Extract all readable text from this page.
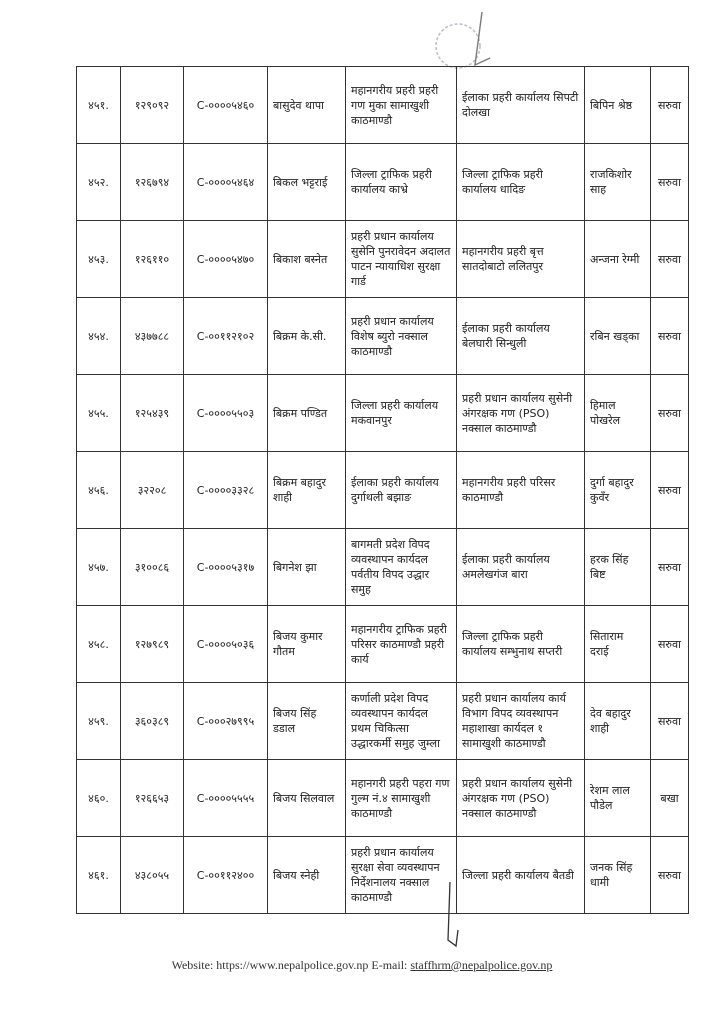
४५१.	१२९०९२	C-००००५४६०	बासुदेव थापा	महानगरीय प्रहरी प्रहरी गण मुका सामाखुशी काठमाण्डौ	ईलाका प्रहरी कार्यालय सिपटी दोलखा	बिपिन श्रेष्ठ	सरुवा
४५२.	१२६७९४	C-००००५४६४	बिकल भट्टराई	जिल्ला ट्राफिक प्रहरी कार्यालय काभ्रे	जिल्ला ट्राफिक प्रहरी कार्यालय धादिङ	राजकिशोर साह	सरुवा
४५३.	१२६११०	C-००००५४७०	बिकाश बस्नेत	प्रहरी प्रधान कार्यालय सुसेनि पुनरावेदन अदालत पाटन न्यायाधिश सुरक्षा गार्ड	महानगरीय प्रहरी बृत्त सातदोबाटो ललितपुर	अन्जना रेग्मी	सरुवा
४५४.	४३७७८८	C-००११२१०२	बिक्रम के.सी.	प्रहरी प्रधान कार्यालय विशेष ब्युरो नक्साल काठमाण्डौ	ईलाका प्रहरी कार्यालय बेलघारी सिन्धुली	रबिन खड्का	सरुवा
४५५.	१२५४३९	C-००००५५०३	बिक्रम पण्डित	जिल्ला प्रहरी कार्यालय मकवानपुर	प्रहरी प्रधान कार्यालय सुसेनी अंगरक्षक गण (PSO) नक्साल काठमाण्डौ	हिमाल पोखरेल	सरुवा
४५६.	३२२०८	C-००००३३२८	बिक्रम बहादुर शाही	ईलाका प्रहरी कार्यालय दुर्गाथली बझाङ	महानगरीय प्रहरी परिसर काठमाण्डौ	दुर्गा बहादुर कुवँर	सरुवा
४५७.	३१००८६	C-००००५३१७	बिगनेश झा	बागमती प्रदेश विपद व्यवस्थापन कार्यदल पर्वतीय विपद उद्धार समुह	ईलाका प्रहरी कार्यालय अमलेखगंज बारा	हरक सिंह बिष्ट	सरुवा
४५८.	१२७९८९	C-००००५०३६	बिजय कुमार गौतम	महानगरीय ट्राफिक प्रहरी परिसर काठमाण्डौ प्रहरी कार्य	जिल्ला ट्राफिक प्रहरी कार्यालय सम्भुनाथ सप्तरी	सिताराम दराई	सरुवा
४५९.	३६०३८९	C-०००२७९९५	बिजय सिंह डडाल	कर्णाली प्रदेश विपद व्यवस्थापन कार्यदल प्रथम चिकित्सा उद्धारकर्मी समुह जुम्ला	प्रहरी प्रधान कार्यालय कार्य विभाग विपद व्यवस्थापन महाशाखा कार्यदल १ सामाखुशी काठमाण्डौ	देव बहादुर शाही	सरुवा
४६०.	१२६६५३	C-००००५५५५	बिजय सिलवाल	महानगरी प्रहरी पहरा गण गुल्म नं.४ सामाखुशी काठमाण्डौ	प्रहरी प्रधान कार्यालय सुसेनी अंगरक्षक गण (PSO) नक्साल काठमाण्डौ	रेशम लाल पौडेल	बखा
४६१.	४३८०५५	C-००११२४००	बिजय स्नेही	प्रहरी प्रधान कार्यालय सुरक्षा सेवा व्यवस्थापन निर्देशनालय नक्साल काठमाण्डौ	जिल्ला प्रहरी कार्यालय बैतडी	जनक सिंह धामी	सरुवा
Website: https://www.nepalpolice.gov.np E-mail: staffhrm@nepalpolice.gov.np
